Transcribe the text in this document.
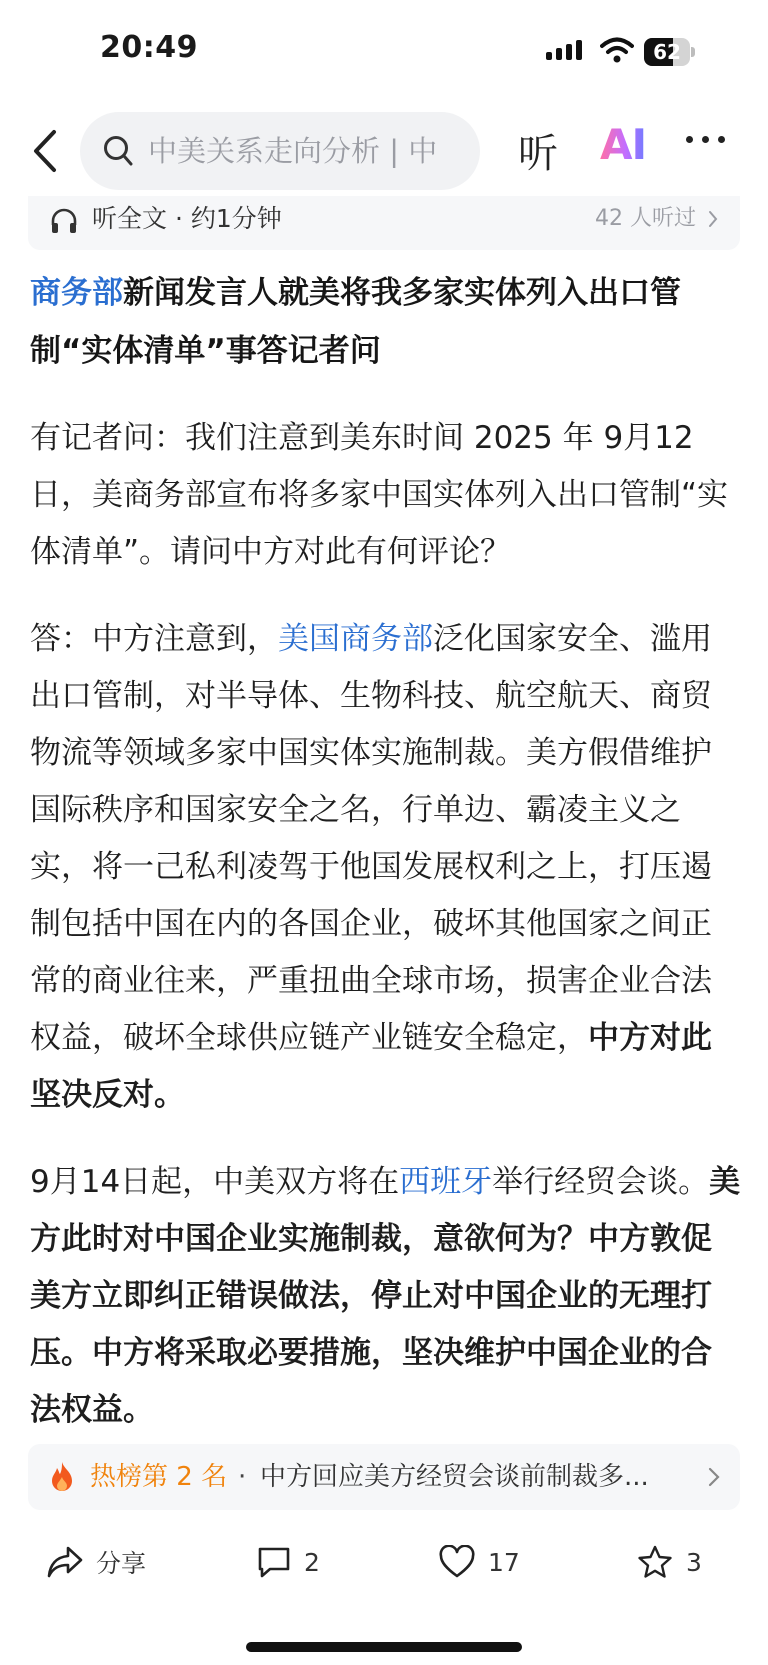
20:49	62
中美关系走向分析 | 中	听 AI
听全文 · 约1分钟	42 人听过
商务部新闻发言人就美将我多家实体列入出口管制“实体清单”事答记者问

有记者问：我们注意到美东时间 2025 年 9月12日，美商务部宣布将多家中国实体列入出口管制“实体清单”。请问中方对此有何评论？

答：中方注意到，美国商务部泛化国家安全、滥用出口管制，对半导体、生物科技、航空航天、商贸物流等领域多家中国实体实施制裁。美方假借维护国际秩序和国家安全之名，行单边、霸凌主义之实，将一己私利凌驾于他国发展权利之上，打压遏制包括中国在内的各国企业，破坏其他国家之间正常的商业往来，严重扭曲全球市场，损害企业合法权益，破坏全球供应链产业链安全稳定，中方对此坚决反对。

9月14日起，中美双方将在西班牙举行经贸会谈。美方此时对中国企业实施制裁，意欲何为？中方敦促美方立即纠正错误做法，停止对中国企业的无理打压。中方将采取必要措施，坚决维护中国企业的合法权益。

热榜第 2 名 · 中方回应美方经贸会谈前制裁多...
分享	2	17	3
